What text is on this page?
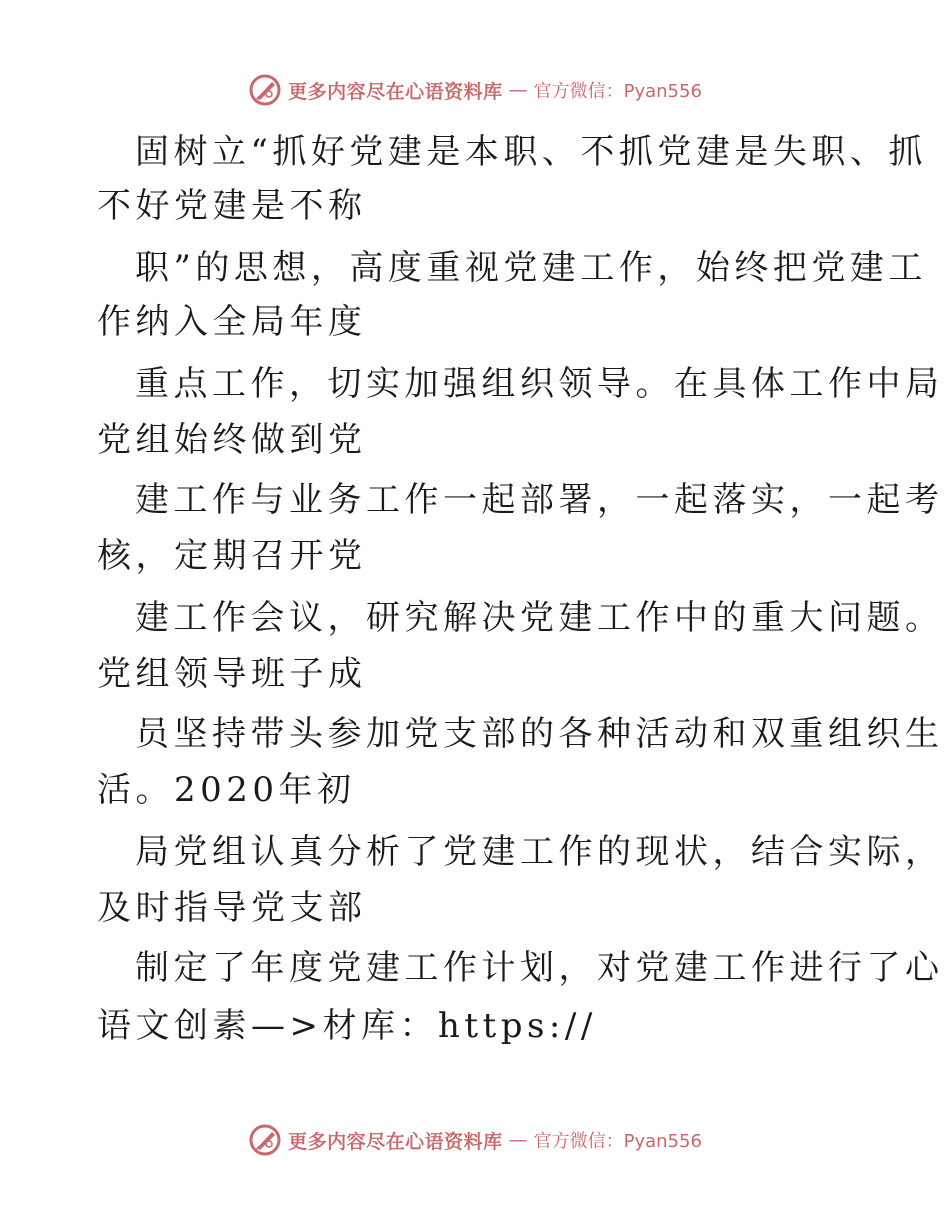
更多内容尽在心语资料库 — 官方微信：Pyan556
固树立“抓好党建是本职、不抓党建是失职、抓
不好党建是不称
职”的思想，高度重视党建工作，始终把党建工
作纳入全局年度
重点工作，切实加强组织领导。在具体工作中局
党组始终做到党
建工作与业务工作一起部署，一起落实，一起考
核，定期召开党
建工作会议，研究解决党建工作中的重大问题。
党组领导班子成
员坚持带头参加党支部的各种活动和双重组织生
活。2020年初
局党组认真分析了党建工作的现状，结合实际，
及时指导党支部
制定了年度党建工作计划，对党建工作进行了心
语文创素—>材库：https://
更多内容尽在心语资料库 — 官方微信：Pyan556
